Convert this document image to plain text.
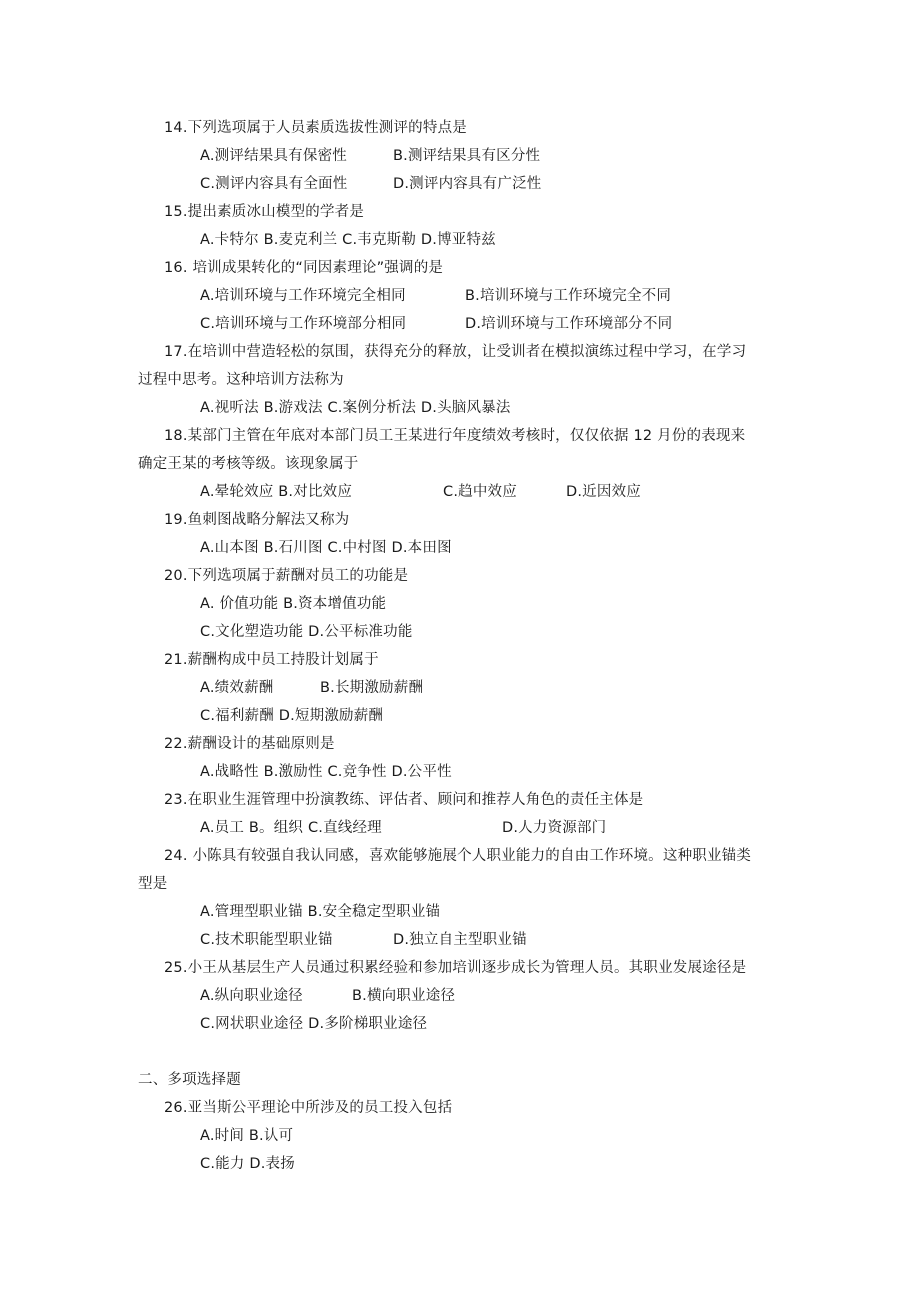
14.下列选项属于人员素质选拔性测评的特点是
A.测评结果具有保密性	B.测评结果具有区分性
C.测评内容具有全面性	D.测评内容具有广泛性
15.提出素质冰山模型的学者是
A.卡特尔 B.麦克利兰 C.韦克斯勒 D.博亚特兹
16. 培训成果转化的“同因素理论”强调的是
A.培训环境与工作环境完全相同	B.培训环境与工作环境完全不同
C.培训环境与工作环境部分相同	D.培训环境与工作环境部分不同
17.在培训中营造轻松的氛围，获得充分的释放，让受训者在模拟演练过程中学习，在学习
过程中思考。这种培训方法称为
A.视听法 B.游戏法 C.案例分析法 D.头脑风暴法
18.某部门主管在年底对本部门员工王某进行年度绩效考核时，仅仅依据 12 月份的表现来
确定王某的考核等级。该现象属于
A.晕轮效应 B.对比效应	C.趋中效应	D.近因效应
19.鱼刺图战略分解法又称为
A.山本图 B.石川图 C.中村图 D.本田图
20.下列选项属于薪酬对员工的功能是
A. 价值功能 B.资本增值功能
C.文化塑造功能 D.公平标准功能
21.薪酬构成中员工持股计划属于
A.绩效薪酬	B.长期激励薪酬
C.福利薪酬 D.短期激励薪酬
22.薪酬设计的基础原则是
A.战略性 B.激励性 C.竞争性 D.公平性
23.在职业生涯管理中扮演教练、评估者、顾问和推荐人角色的责任主体是
A.员工 B。组织 C.直线经理	D.人力资源部门
24. 小陈具有较强自我认同感，喜欢能够施展个人职业能力的自由工作环境。这种职业锚类
型是
A.管理型职业锚 B.安全稳定型职业锚
C.技术职能型职业锚	D.独立自主型职业锚
25.小王从基层生产人员通过积累经验和参加培训逐步成长为管理人员。其职业发展途径是
A.纵向职业途径	B.横向职业途径
C.网状职业途径 D.多阶梯职业途径
二、多项选择题
26.亚当斯公平理论中所涉及的员工投入包括
A.时间 B.认可
C.能力 D.表扬
